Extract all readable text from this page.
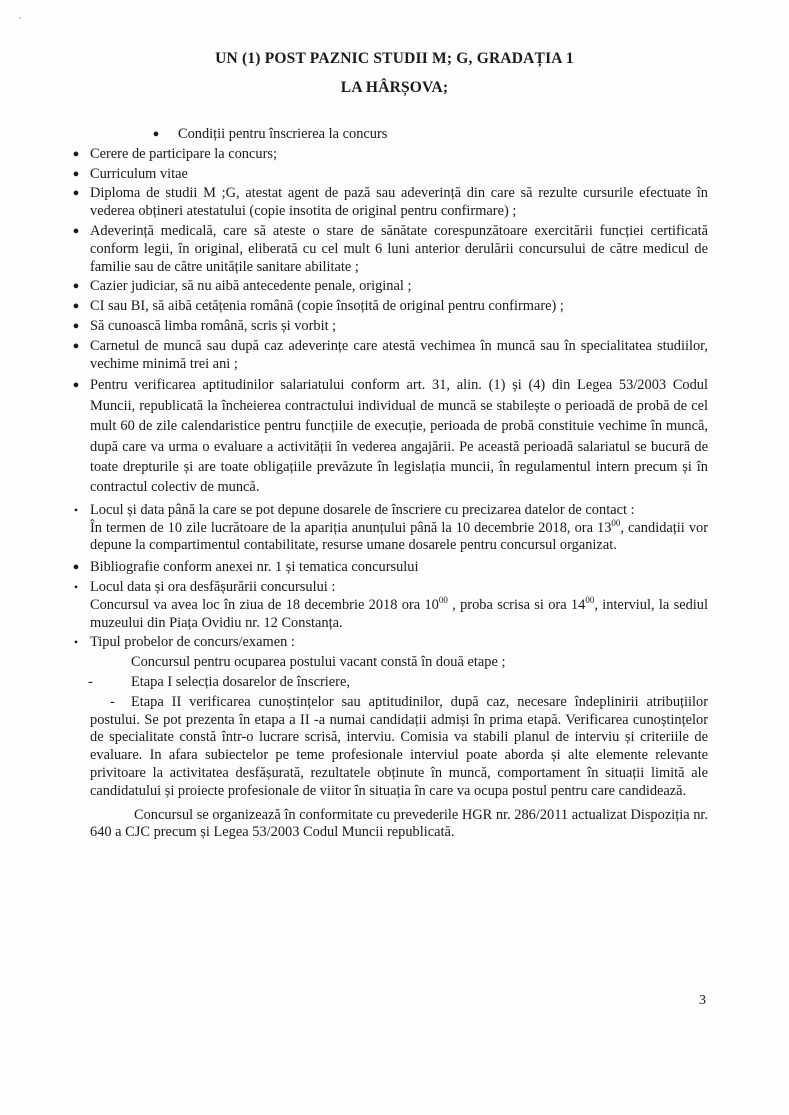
UN (1) POST PAZNIC STUDII M; G, GRADAȚIA 1
LA HÂRȘOVA;

●	Condiții pentru înscrierea la concurs

● Cerere de participare la concurs;

● Curriculum vitae

● Diploma de studii M ;G, atestat agent de pază sau adeverință din care să rezulte cursurile efectuate în vederea obțineri atestatului (copie insotita de original pentru confirmare) ;

● Adeverință medicală, care să ateste o stare de sănătate corespunzătoare exercitării funcției certificată conform legii, în original, eliberată cu cel mult 6 luni anterior derulării concursului de către medicul de familie sau de către unitățile sanitare abilitate ;

● Cazier judiciar, să nu aibă antecedente penale, original ;

● CI sau BI, să aibă cetățenia română (copie însoțită de original pentru confirmare) ;

● Să cunoască limba română, scris și vorbit ;

● Carnetul de muncă sau după caz adeverințe care atestă vechimea în muncă sau în specialitatea studiilor, vechime minimă trei ani ;

● Pentru verificarea aptitudinilor salariatului conform art. 31, alin. (1) și (4) din Legea 53/2003 Codul Muncii, republicată la încheierea contractului individual de muncă se stabilește o perioadă de probă de cel mult 60 de zile calendaristice pentru funcțiile de execuție, perioada de probă constituie vechime în muncă, după care va urma o evaluare a activității în vederea angajării. Pe această perioadă salariatul se bucură de toate drepturile și are toate obligațiile prevăzute în legislația muncii, în regulamentul intern precum și în contractul colectiv de muncă.

• Locul și data până la care se pot depune dosarele de înscriere cu precizarea datelor de contact :
În termen de 10 zile lucrătoare de la apariția anunțului până la 10 decembrie 2018, ora $13^{00}$, candidații vor depune la compartimentul contabilitate, resurse umane dosarele pentru concursul organizat.

● Bibliografie conform anexei nr. 1 și tematica concursului

• Locul data și ora desfășurării concursului :
Concursul va avea loc în ziua de 18 decembrie 2018 ora $10^{00}$ , proba scrisa si ora $14^{00}$, interviul, la sediul muzeului din Piața Ovidiu nr. 12 Constanța.

• Tipul probelor de concurs/examen :

Concursul pentru ocuparea postului vacant constă în două etape ;

-	Etapa I selecția dosarelor de înscriere,

-	Etapa II verificarea cunoștințelor sau aptitudinilor, după caz, necesare îndeplinirii atribuțiilor postului. Se pot prezenta în etapa a II -a numai candidații admiși în prima etapă. Verificarea cunoștințelor de specialitate constă într-o lucrare scrisă, interviu. Comisia va stabili planul de interviu și criteriile de evaluare. In afara subiectelor pe teme profesionale interviul poate aborda și alte elemente relevante privitoare la activitatea desfășurată, rezultatele obținute în muncă, comportament în situații limită ale candidatului și proiecte profesionale de viitor în situația în care va ocupa postul pentru care candidează.

Concursul se organizează în conformitate cu prevederile HGR nr. 286/2011 actualizat Dispoziția nr. 640 a CJC precum și Legea 53/2003 Codul Muncii republicată.

3
